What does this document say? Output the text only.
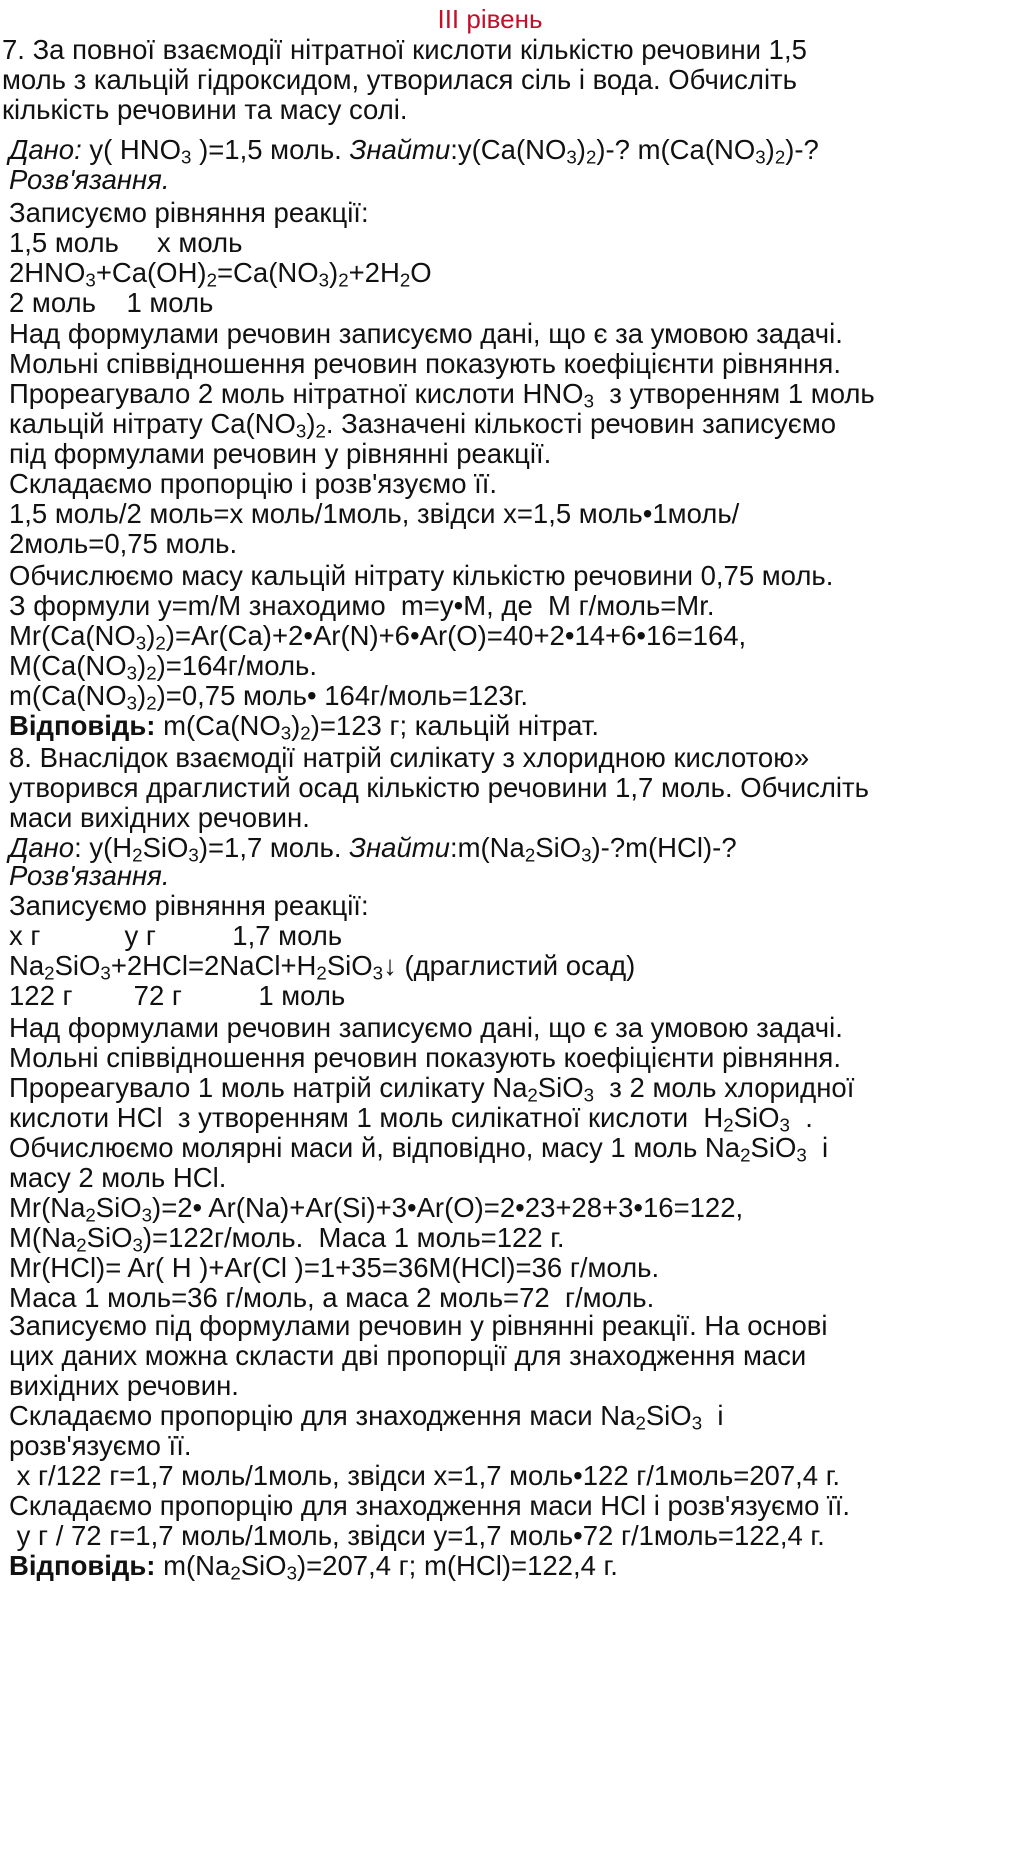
III рівень
7. За повної взаємодії нітратної кислоти кількістю речовини 1,5
моль з кальцій гідроксидом, утворилася сіль і вода. Обчисліть
кількість речовини та масу солі.
Дано: y( $HNO_3$ )=1,5 моль. $Знайти:y(Ca(NO_3)_2)-$? $m(Ca(NO_3)_2)-$?
Розв'язання.
Записуємо рівняння реакції:
1,5 моль     х моль
$2HNO_3+Ca(OH)_2=Ca(NO_3)_2+2H_2O$
2 моль    1 моль
Над формулами речовин записуємо дані, що є за умовою задачі.
Мольні співвідношення речовин показують коефіцієнти рівняння.
Прореагувало 2 моль нітратної кислоти $HNO_3$  з утворенням 1 моль
кальцій нітрату $Ca(NO_3)_2$. Зазначені кількості речовин записуємо
під формулами речовин у рівнянні реакції.
Складаємо пропорцію і розв'язуємо її.
1,5 моль/2 моль=х моль/1моль, звідси х=1,5 моль•1моль/
2моль=0,75 моль.
Обчислюємо масу кальцій нітрату кількістю речовини 0,75 моль.
З формули y=m/M знаходимо  m=y•M, де  M г/моль=Mr.
$Mr(Ca(NO_3)_2)=Ar(Ca)+2•Ar(N)+6•Ar(O)=40+2•14+6•16=164$,
$M(Ca(NO_3)_2)=164г$/моль.
$m(Ca(NO_3)_2)=0,75$ моль• 164г/моль=123г.
Відповідь: $m(Ca(NO_3)_2)=123$ г; кальцій нітрат.
8. Внаслідок взаємодії натрій силікату з хлоридною кислотою»
утворився драглистий осад кількістю речовини 1,7 моль. Обчисліть
маси вихідних речовин.
Дано: $y(H_2SiO_3)=1,7$ моль. $Знайти:m(Na_2SiO_3)-?m(HCl)-$?
Розв'язання.
Записуємо рівняння реакції:
х г           у г          1,7 моль
$Na_2SiO_3+2HCl=2NaCl+H_2SiO_3↓$ (драглистий осад)
122 г        72 г          1 моль
Над формулами речовин записуємо дані, що є за умовою задачі.
Мольні співвідношення речовин показують коефіцієнти рівняння.
Прореагувало 1 моль натрій силікату $Na_2SiO_3$  з 2 моль хлоридної
кислоти HCl  з утворенням 1 моль силікатної кислоти  $H_2SiO_3$  .
Обчислюємо молярні маси й, відповідно, масу 1 моль $Na_2SiO_3$  і
масу 2 моль HCl.
$Mr(Na_2SiO_3)=2•$ Ar(Na)+Ar(Si)+3•Ar(O)=2•23+28+3•16=122,
$M(Na_2SiO_3)=122г$/моль.  Маса 1 моль=122 г.
Mr(HCl)= Ar( H )+Ar(Cl )=1+35=36M(HCl)=36 г/моль.
Маса 1 моль=36 г/моль, а маса 2 моль=72  г/моль.
Записуємо під формулами речовин у рівнянні реакції. На основі
цих даних можна скласти дві пропорції для знаходження маси
вихідних речовин.
Складаємо пропорцію для знаходження маси $Na_2SiO_3$  і
розв'язуємо її.
х г/122 г=1,7 моль/1моль, звідси х=1,7 моль•122 г/1моль=207,4 г.
Складаємо пропорцію для знаходження маси HCl і розв'язуємо її.
у г / 72 г=1,7 моль/1моль, звідси у=1,7 моль•72 г/1моль=122,4 г.
Відповідь: $m(Na_2SiO_3)=207,4$ г; m(HCl)=122,4 г.
